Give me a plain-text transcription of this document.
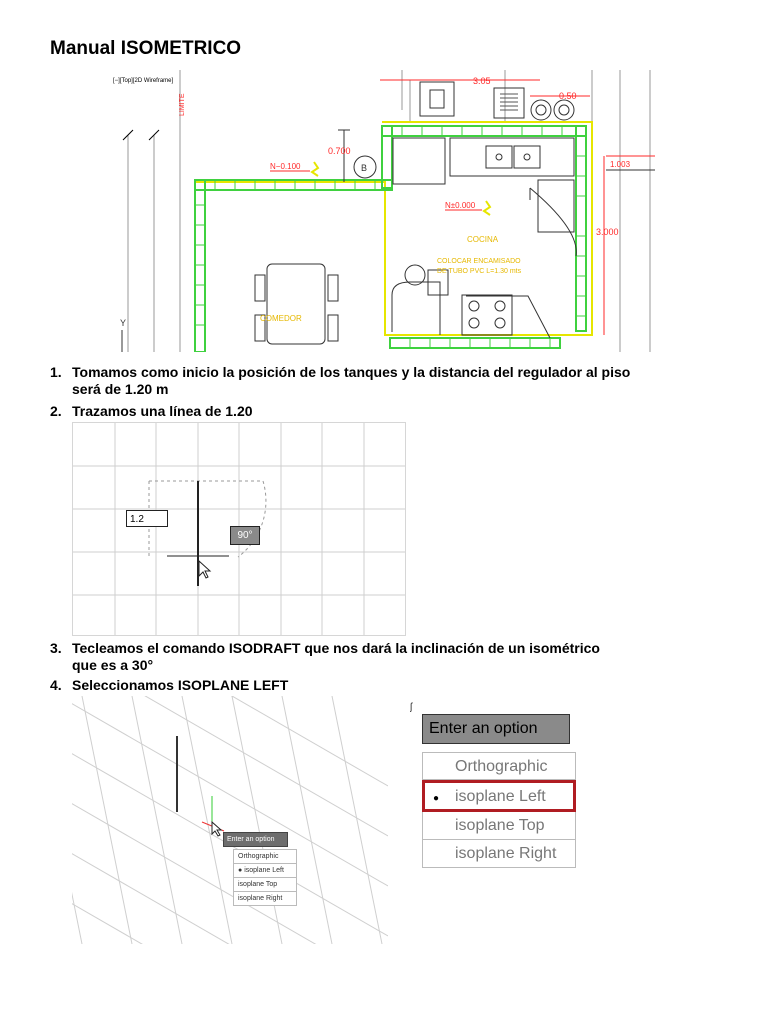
Manual ISOMETRICO
[−][Top][2D Wireframe]
LIMITE
3.05
0.50
B
0.700
N−0.100
N±0.000
1.003
3.000
COCINA
COLOCAR ENCAMISADO
DE TUBO PVC L=1.30 mts
COMEDOR
Y
1. Tomamos como inicio la posición de los tanques y la distancia del regulador al piso
será de 1.20 m
2. Trazamos una línea de 1.20
1.2
90°
3. Tecleamos el comando ISODRAFT que nos dará la inclinación de un isométrico
que es a 30°
4. Seleccionamos ISOPLANE LEFT
Enter an option
Orthographic
● isoplane Left
isoplane Top
isoplane Right
ʃ
Enter an option
Orthographic
● isoplane Left
isoplane Top
isoplane Right
